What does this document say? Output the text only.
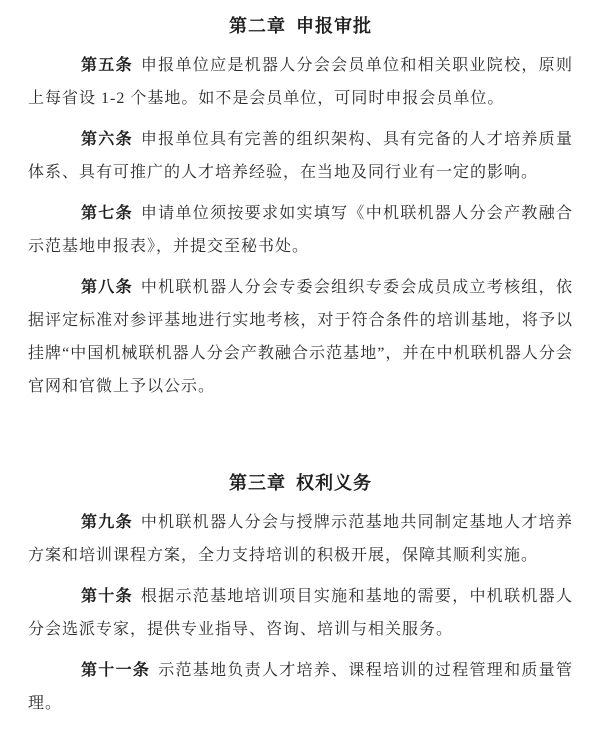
第二章 申报审批

第五条 申报单位应是机器人分会会员单位和相关职业院校，原则上每省设 1-2 个基地。如不是会员单位，可同时申报会员单位。

第六条 申报单位具有完善的组织架构、具有完备的人才培养质量体系、具有可推广的人才培养经验，在当地及同行业有一定的影响。

第七条 申请单位须按要求如实填写《中机联机器人分会产教融合示范基地申报表》，并提交至秘书处。

第八条 中机联机器人分会专委会组织专委会成员成立考核组，依据评定标准对参评基地进行实地考核，对于符合条件的培训基地，将予以挂牌“中国机械联机器人分会产教融合示范基地”，并在中机联机器人分会官网和官微上予以公示。

第三章 权利义务

第九条 中机联机器人分会与授牌示范基地共同制定基地人才培养方案和培训课程方案，全力支持培训的积极开展，保障其顺利实施。

第十条 根据示范基地培训项目实施和基地的需要，中机联机器人分会选派专家，提供专业指导、咨询、培训与相关服务。

第十一条 示范基地负责人才培养、课程培训的过程管理和质量管理。
